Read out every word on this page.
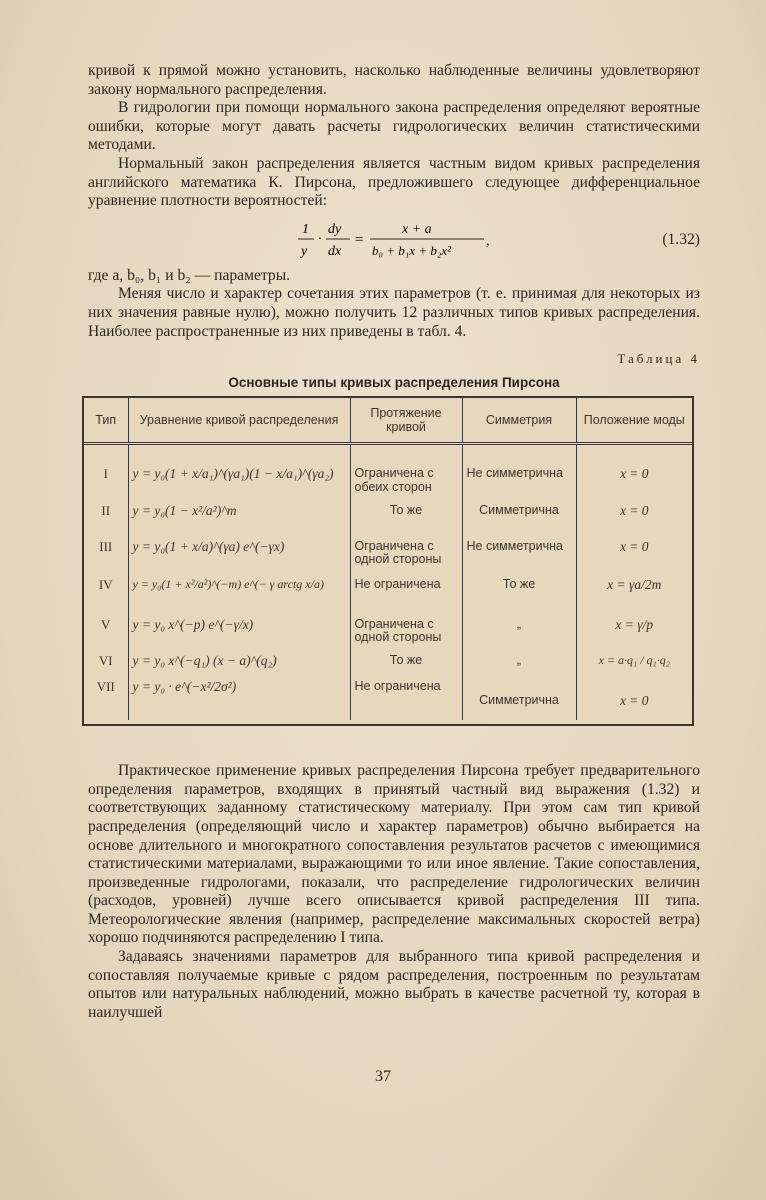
кривой к прямой можно установить, насколько наблюденные величины удовлетворяют закону нормального распределения.

В гидрологии при помощи нормального закона распределения определяют вероятные ошибки, которые могут давать расчеты гидрологических величин статистическими методами.

Нормальный закон распределения является частным видом кривых распределения английского математика К. Пирсона, предложившего следующее дифференциальное уравнение плотности вероятностей:

1
y
·
dy
dx
=
x + a
b₀ + b₁x + b₂x²
,	(1.32)

где a, b₀, b₁ и b₂ — параметры.

Меняя число и характер сочетания этих параметров (т. е. принимая для некоторых из них значения равные нулю), можно получить 12 различных типов кривых распределения. Наиболее распространенные из них приведены в табл. 4.

Таблица 4
Основные типы кривых распределения Пирсона
Тип	Уравнение кривой распределения	Протяжение кривой	Симметрия	Положение моды
I	y = y₀(1 + x/a₁)^(γa₁)(1 − x/a₁)^(γa₂)	Ограничена с обеих сторон	Не симметрична	x = 0
II	y = y₀(1 − x²/a²)^m	То же	Симметрична	x = 0
III	y = y₀(1 + x/a)^(γa) e^(−γx)	Ограничена с одной стороны	Не симметрична	x = 0
IV	y = y₀(1 + x²/a²)^(−m) e^(− γ arctg x/a)	Не ограничена	То же	x = γa/2m
V	y = y₀ x^(−p) e^(−γ/x)	Ограничена с одной стороны	„	x = γ/p
VI	y = y₀ x^(−q₁) (x − a)^(q₂)	То же	„	x = a·q₁ / q₁·q₂
VII	y = y₀ · e^(−x²/2σ²)	Не ограничена	Симметрична	x = 0

Практическое применение кривых распределения Пирсона требует предварительного определения параметров, входящих в принятый частный вид выражения (1.32) и соответствующих заданному статистическому материалу. При этом сам тип кривой распределения (определяющий число и характер параметров) обычно выбирается на основе длительного и многократного сопоставления результатов расчетов с имеющимися статистическими материалами, выражающими то или иное явление. Такие сопоставления, произведенные гидрологами, показали, что распределение гидрологических величин (расходов, уровней) лучше всего описывается кривой распределения III типа. Метеорологические явления (например, распределение максимальных скоростей ветра) хорошо подчиняются распределению I типа.

Задаваясь значениями параметров для выбранного типа кривой распределения и сопоставляя получаемые кривые с рядом распределения, построенным по результатам опытов или натуральных наблюдений, можно выбрать в качестве расчетной ту, которая в наилучшей

37
